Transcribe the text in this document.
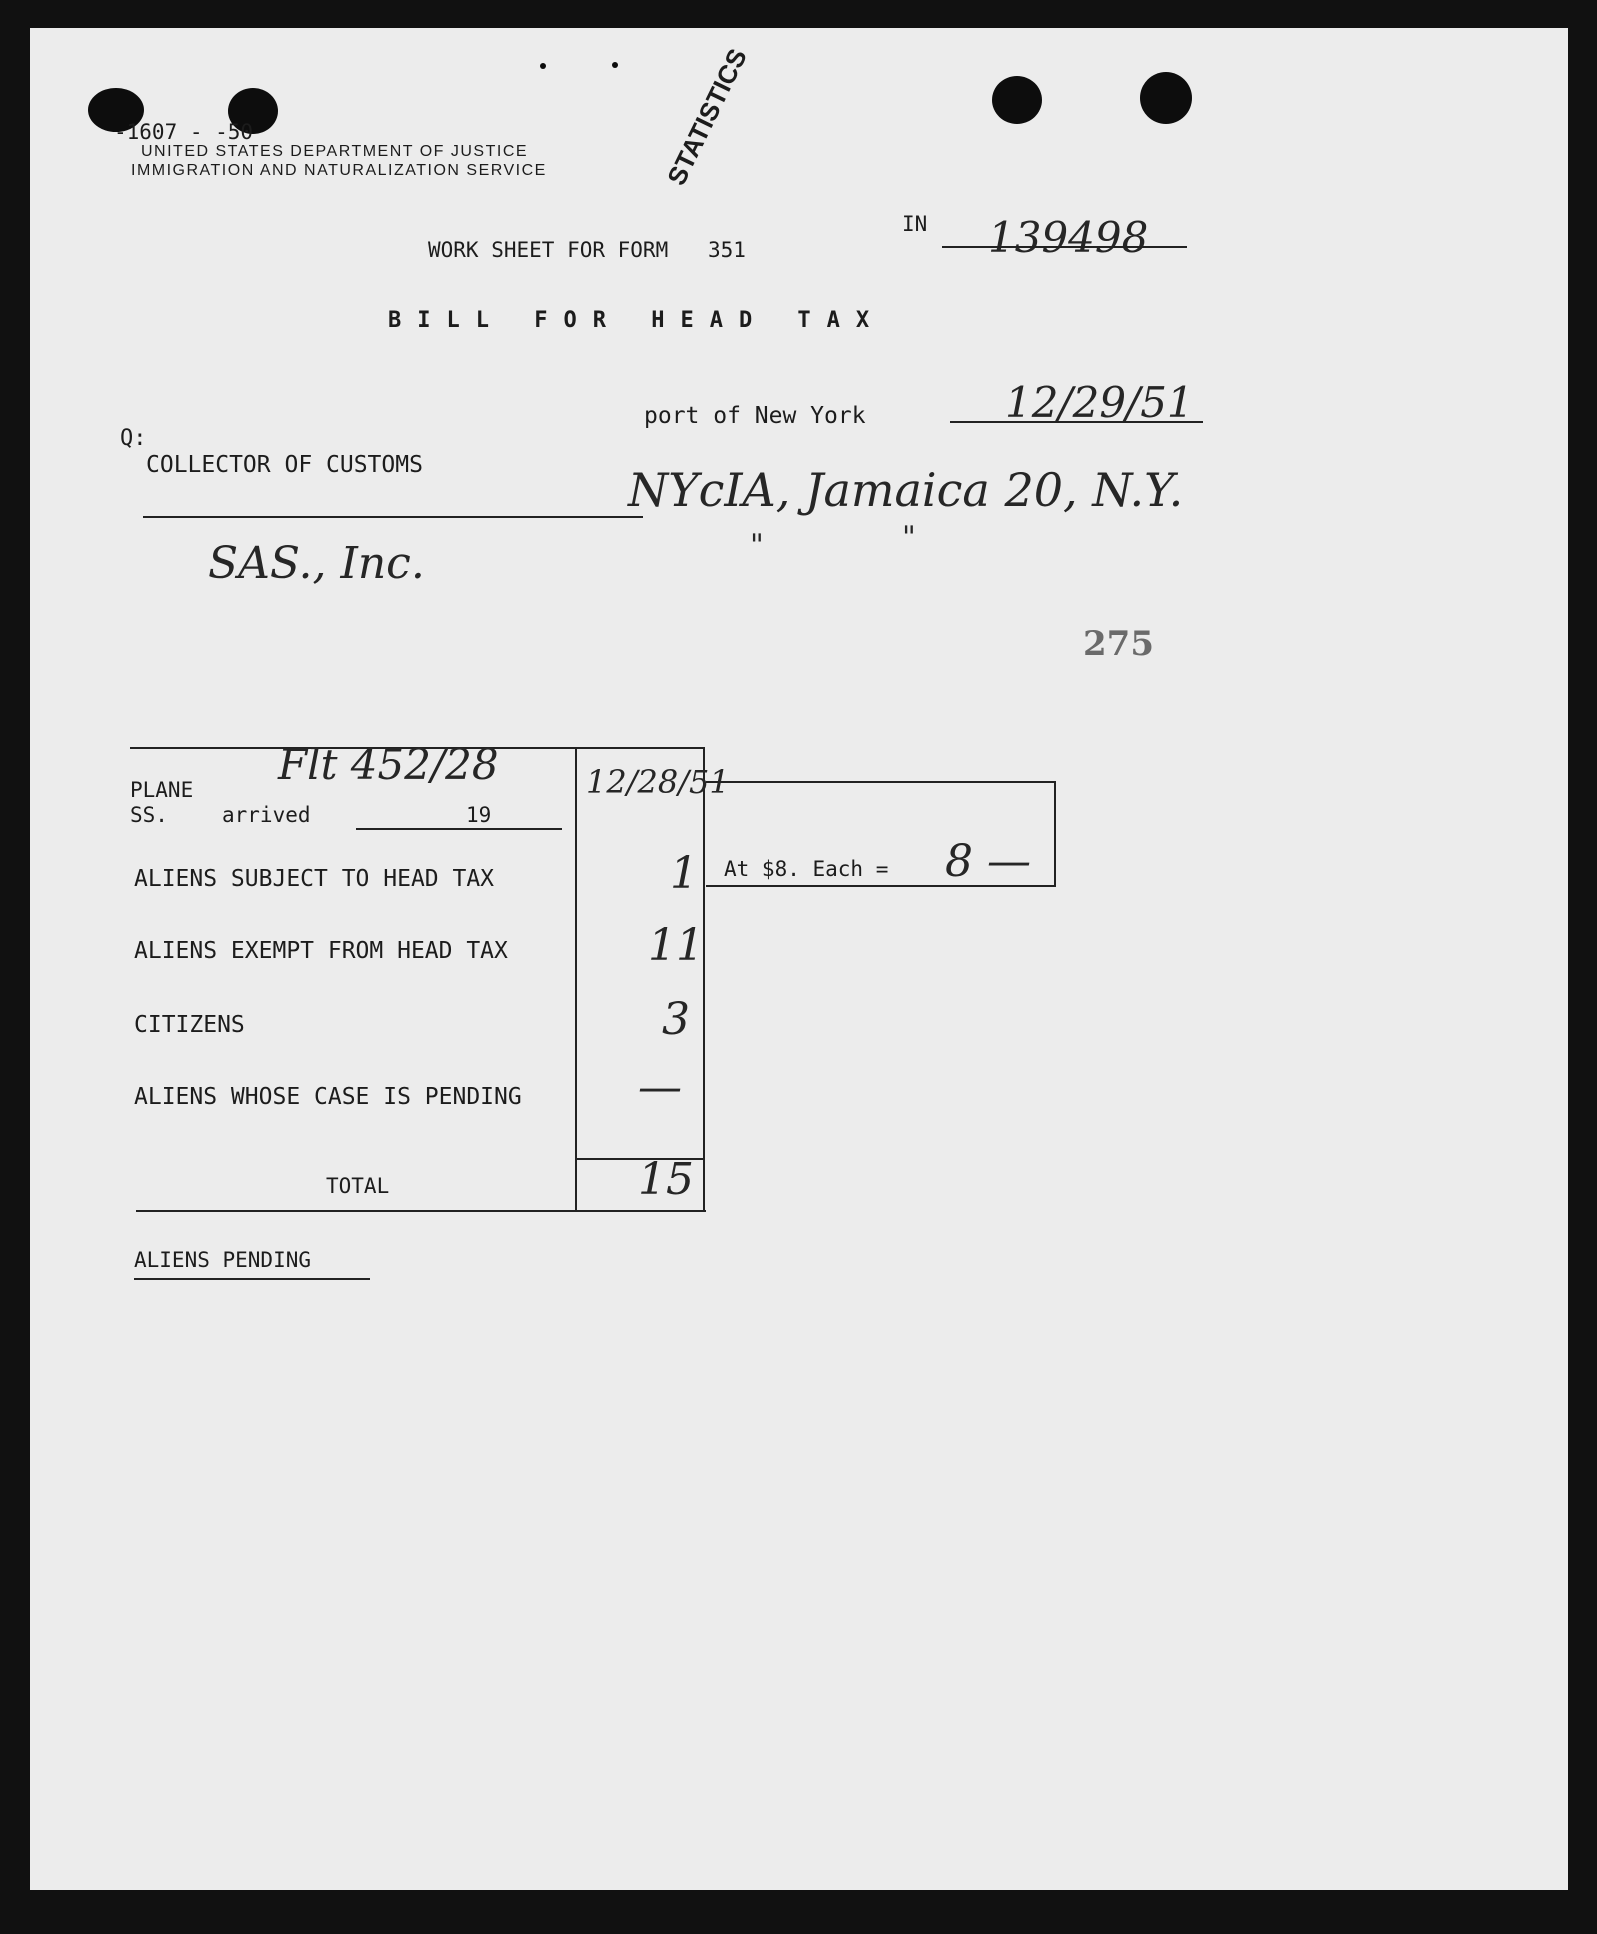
-1607 - -50
UNITED STATES DEPARTMENT OF JUSTICE
IMMIGRATION AND NATURALIZATION SERVICE	STATISTICS
IN 139498
WORK SHEET FOR FORM 351
BILL FOR HEAD TAX
port of New York	12/29/51
Q:
COLLECTOR OF CUSTOMS	NYcIA, Jamaica 20, N.Y.
SAS., Inc.	"	"
275
PLANE
SS.	arrived	19
Flt 452/28	12/28/51
ALIENS SUBJECT TO HEAD TAX	1
ALIENS EXEMPT FROM HEAD TAX	11
CITIZENS	3
ALIENS WHOSE CASE IS PENDING	—
TOTAL	15
At $8. Each = 8 —
ALIENS PENDING
